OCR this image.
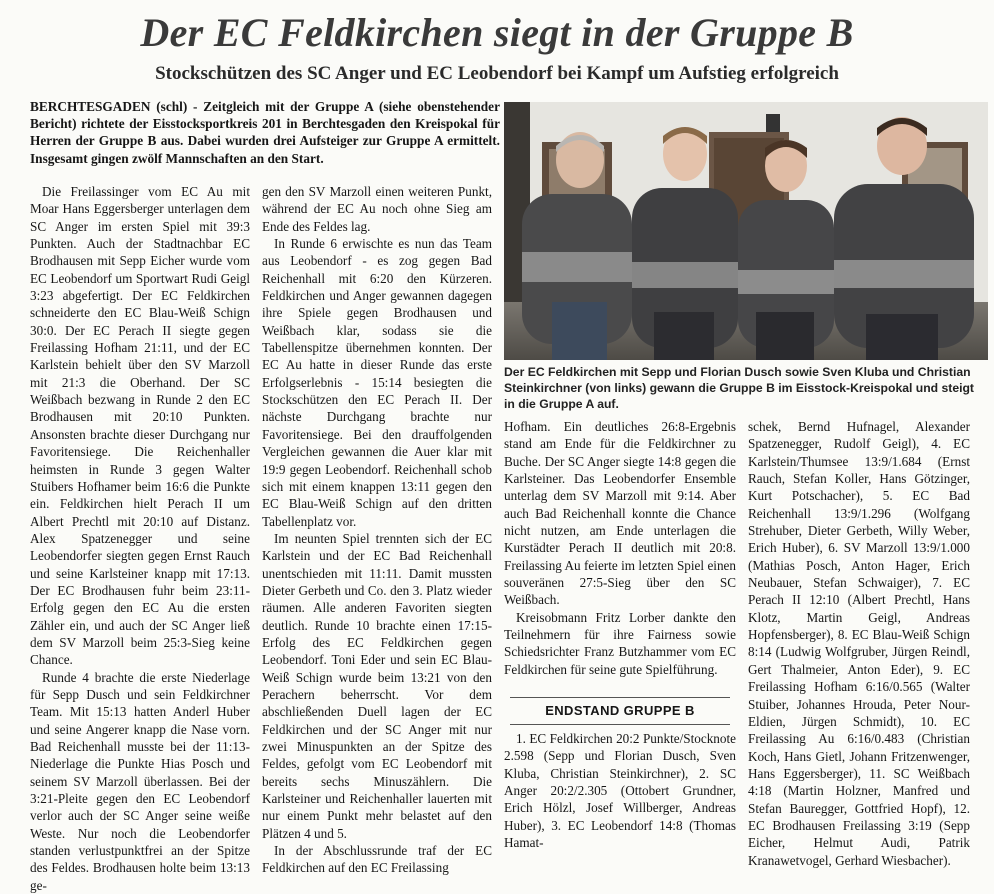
Der EC Feldkirchen siegt in der Gruppe B
Stockschützen des SC Anger und EC Leobendorf bei Kampf um Aufstieg erfolgreich
BERCHTESGADEN (schl) - Zeitgleich mit der Gruppe A (siehe obenstehender Bericht) richtete der Eisstocksportkreis 201 in Berchtesgaden den Kreispokal für Herren der Gruppe B aus. Dabei wurden drei Aufsteiger zur Gruppe A ermittelt. Insgesamt gingen zwölf Mannschaften an den Start.

Die Freilassinger vom EC Au mit Moar Hans Eggersberger unterlagen dem SC Anger im ersten Spiel mit 39:3 Punkten. Auch der Stadtnachbar EC Brodhausen mit Sepp Eicher wurde vom EC Leobendorf um Sportwart Rudi Geigl 3:23 abgefertigt. Der EC Feldkirchen schneiderte den EC Blau-Weiß Schign 30:0. Der EC Perach II siegte gegen Freilassing Hofham 21:11, und der EC Karlstein behielt über den SV Marzoll mit 21:3 die Oberhand. Der SC Weißbach bezwang in Runde 2 den EC Brodhausen mit 20:10 Punkten. Ansonsten brachte dieser Durchgang nur Favoritensiege. Die Reichenhaller heimsten in Runde 3 gegen Walter Stuibers Hofhamer beim 16:6 die Punkte ein. Feldkirchen hielt Perach II um Albert Prechtl mit 20:10 auf Distanz. Alex Spatzenegger und seine Leobendorfer siegten gegen Ernst Rauch und seine Karlsteiner knapp mit 17:13. Der EC Brodhausen fuhr beim 23:11-Erfolg gegen den EC Au die ersten Zähler ein, und auch der SC Anger ließ dem SV Marzoll beim 25:3-Sieg keine Chance.

Runde 4 brachte die erste Niederlage für Sepp Dusch und sein Feldkirchner Team. Mit 15:13 hatten Anderl Huber und seine Angerer knapp die Nase vorn. Bad Reichenhall musste bei der 11:13-Niederlage die Punkte Hias Posch und seinem SV Marzoll überlassen. Bei der 3:21-Pleite gegen den EC Leobendorf verlor auch der SC Anger seine weiße Weste. Nur noch die Leobendorfer standen verlustpunktfrei an der Spitze des Feldes. Brodhausen holte beim 13:13 ge-

gen den SV Marzoll einen weiteren Punkt, während der EC Au noch ohne Sieg am Ende des Feldes lag.

In Runde 6 erwischte es nun das Team aus Leobendorf - es zog gegen Bad Reichenhall mit 6:20 den Kürzeren. Feldkirchen und Anger gewannen dagegen ihre Spiele gegen Brodhausen und Weißbach klar, sodass sie die Tabellenspitze übernehmen konnten. Der EC Au hatte in dieser Runde das erste Erfolgserlebnis - 15:14 besiegten die Stockschützen den EC Perach II. Der nächste Durchgang brachte nur Favoritensiege. Bei den drauffolgenden Vergleichen gewannen die Auer klar mit 19:9 gegen Leobendorf. Reichenhall schob sich mit einem knappen 13:11 gegen den EC Blau-Weiß Schign auf den dritten Tabellenplatz vor.

Im neunten Spiel trennten sich der EC Karlstein und der EC Bad Reichenhall unentschieden mit 11:11. Damit mussten Dieter Gerbeth und Co. den 3. Platz wieder räumen. Alle anderen Favoriten siegten deutlich. Runde 10 brachte einen 17:15-Erfolg des EC Feldkirchen gegen Leobendorf. Toni Eder und sein EC Blau-Weiß Schign wurde beim 13:21 von den Perachern beherrscht. Vor dem abschließenden Duell lagen der EC Feldkirchen und der SC Anger mit nur zwei Minuspunkten an der Spitze des Feldes, gefolgt vom EC Leobendorf mit bereits sechs Minuszählern. Die Karlsteiner und Reichenhaller lauerten mit nur einem Punkt mehr belastet auf den Plätzen 4 und 5.

In der Abschlussrunde traf der EC Feldkirchen auf den EC Freilassing

Der EC Feldkirchen mit Sepp und Florian Dusch sowie Sven Kluba und Christian Steinkirchner (von links) gewann die Gruppe B im Eisstock-Kreispokal und steigt in die Gruppe A auf.

Hofham. Ein deutliches 26:8-Ergebnis stand am Ende für die Feldkirchner zu Buche. Der SC Anger siegte 14:8 gegen die Karlsteiner. Das Leobendorfer Ensemble unterlag dem SV Marzoll mit 9:14. Aber auch Bad Reichenhall konnte die Chance nicht nutzen, am Ende unterlagen die Kurstädter Perach II deutlich mit 20:8. Freilassing Au feierte im letzten Spiel einen souveränen 27:5-Sieg über den SC Weißbach.

Kreisobmann Fritz Lorber dankte den Teilnehmern für ihre Fairness sowie Schiedsrichter Franz Butzhammer vom EC Feldkirchen für seine gute Spielführung.

ENDSTAND GRUPPE B

1. EC Feldkirchen 20:2 Punkte/Stocknote 2.598 (Sepp und Florian Dusch, Sven Kluba, Christian Steinkirchner), 2. SC Anger 20:2/2.305 (Ottobert Grundner, Erich Hölzl, Josef Willberger, Andreas Huber), 3. EC Leobendorf 14:8 (Thomas Hamat-

schek, Bernd Hufnagel, Alexander Spatzenegger, Rudolf Geigl), 4. EC Karlstein/Thumsee 13:9/1.684 (Ernst Rauch, Stefan Koller, Hans Götzinger, Kurt Potschacher), 5. EC Bad Reichenhall 13:9/1.296 (Wolfgang Strehuber, Dieter Gerbeth, Willy Weber, Erich Huber), 6. SV Marzoll 13:9/1.000 (Mathias Posch, Anton Hager, Erich Neubauer, Stefan Schwaiger), 7. EC Perach II 12:10 (Albert Prechtl, Hans Klotz, Martin Geigl, Andreas Hopfensberger), 8. EC Blau-Weiß Schign 8:14 (Ludwig Wolfgruber, Jürgen Reindl, Gert Thalmeier, Anton Eder), 9. EC Freilassing Hofham 6:16/0.565 (Walter Stuiber, Johannes Hrouda, Peter Nour-Eldien, Jürgen Schmidt), 10. EC Freilassing Au 6:16/0.483 (Christian Koch, Hans Gietl, Johann Fritzenwenger, Hans Eggersberger), 11. SC Weißbach 4:18 (Martin Holzner, Manfred und Stefan Bauregger, Gottfried Hopf), 12. EC Brodhausen Freilassing 3:19 (Sepp Eicher, Helmut Audi, Patrik Kranawetvogel, Gerhard Wiesbacher).
